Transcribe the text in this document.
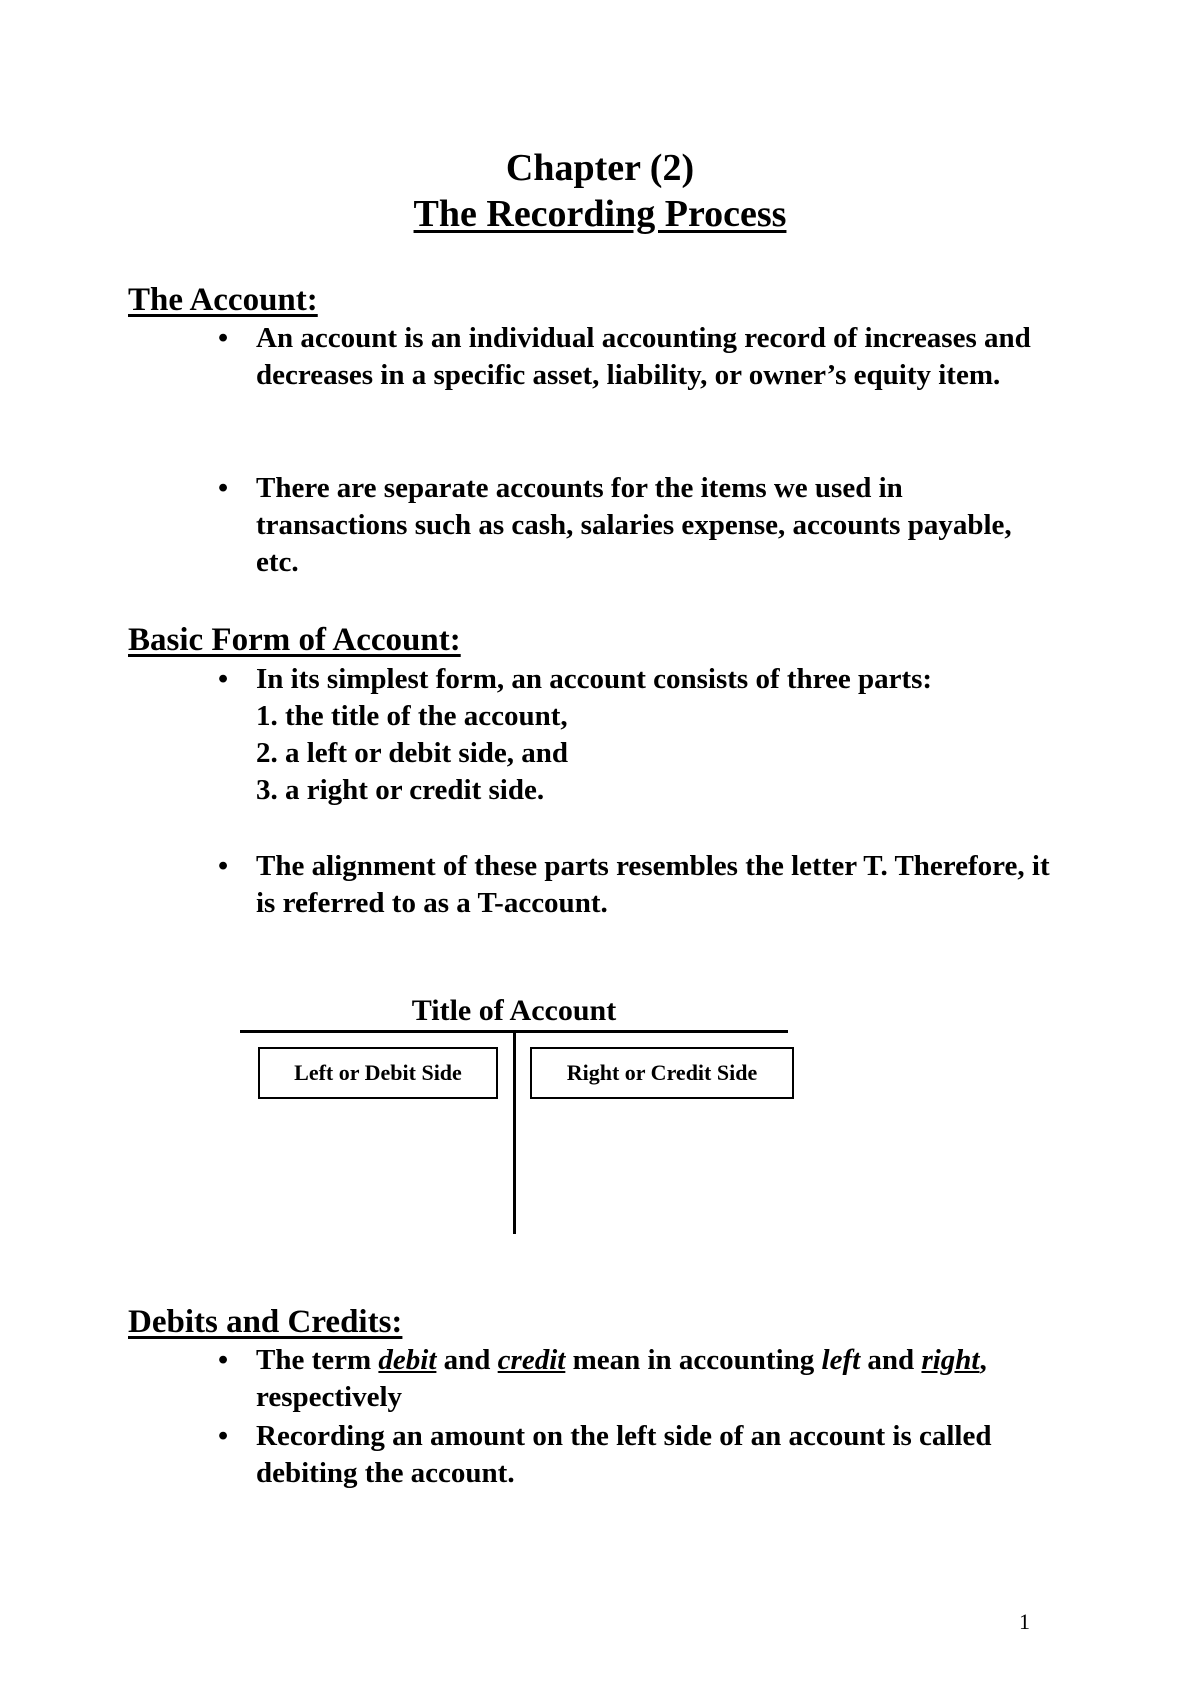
Chapter (2)
The Recording Process
The Account:
• An account is an individual accounting record of increases and decreases in a specific asset, liability, or owner’s equity item.
• There are separate accounts for the items we used in transactions such as cash, salaries expense, accounts payable, etc.
Basic Form of Account:
• In its simplest form, an account consists of three parts:
1. the title of the account,
2. a left or debit side, and
3. a right or credit side.
• The alignment of these parts resembles the letter T. Therefore, it is referred to as a T-account.
Title of Account
Left or Debit Side	Right or Credit Side
Debits and Credits:
• The term debit and credit mean in accounting left and right, respectively
• Recording an amount on the left side of an account is called debiting the account.
1
